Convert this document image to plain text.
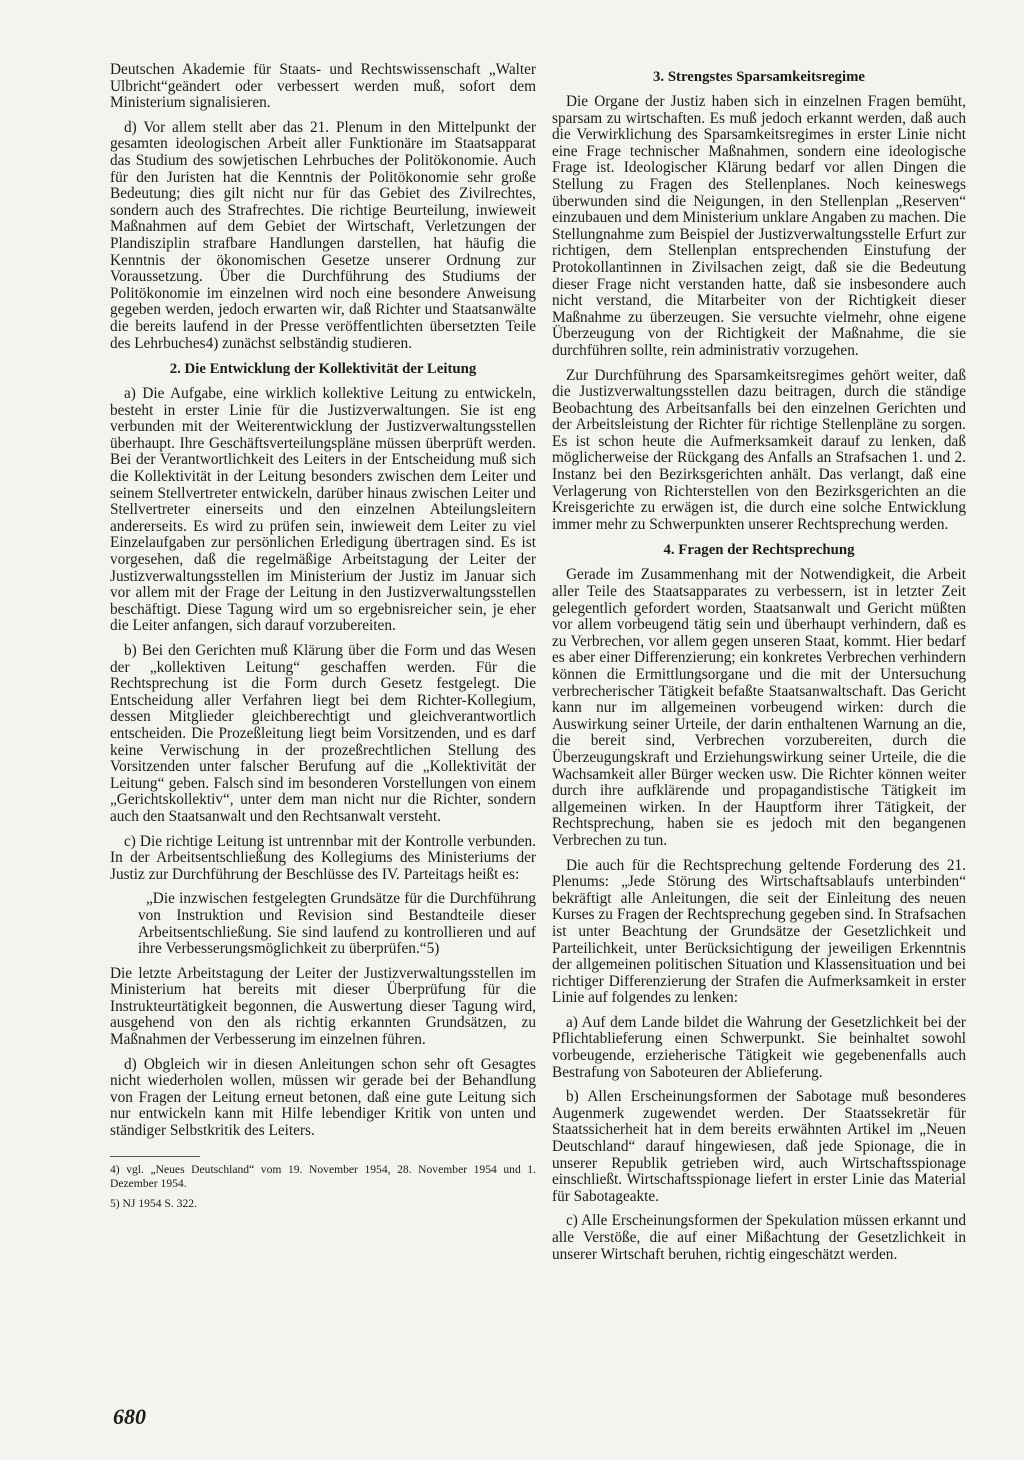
Deutschen Akademie für Staats- und Rechtswissenschaft „Walter Ulbricht“geändert oder verbessert werden muß, sofort dem Ministerium signalisieren.

d) Vor allem stellt aber das 21. Plenum in den Mittelpunkt der gesamten ideologischen Arbeit aller Funktionäre im Staatsapparat das Studium des sowjetischen Lehrbuches der Politökonomie. Auch für den Juristen hat die Kenntnis der Politökonomie sehr große Bedeutung; dies gilt nicht nur für das Gebiet des Zivilrechtes, sondern auch des Strafrechtes. Die richtige Beurteilung, inwieweit Maßnahmen auf dem Gebiet der Wirtschaft, Verletzungen der Plandisziplin strafbare Handlungen darstellen, hat häufig die Kenntnis der ökonomischen Gesetze unserer Ordnung zur Voraussetzung. Über die Durchführung des Studiums der Politökonomie im einzelnen wird noch eine besondere Anweisung gegeben werden, jedoch erwarten wir, daß Richter und Staatsanwälte die bereits laufend in der Presse veröffentlichten übersetzten Teile des Lehrbuches4) zunächst selbständig studieren.

2. Die Entwicklung der Kollektivität der Leitung

a) Die Aufgabe, eine wirklich kollektive Leitung zu entwickeln, besteht in erster Linie für die Justizverwaltungen. Sie ist eng verbunden mit der Weiterentwicklung der Justizverwaltungsstellen überhaupt. Ihre Geschäftsverteilungspläne müssen überprüft werden. Bei der Verantwortlichkeit des Leiters in der Entscheidung muß sich die Kollektivität in der Leitung besonders zwischen dem Leiter und seinem Stellvertreter entwickeln, darüber hinaus zwischen Leiter und Stellvertreter einerseits und den einzelnen Abteilungsleitern andererseits. Es wird zu prüfen sein, inwieweit dem Leiter zu viel Einzelaufgaben zur persönlichen Erledigung übertragen sind. Es ist vorgesehen, daß die regelmäßige Arbeitstagung der Leiter der Justizverwaltungsstellen im Ministerium der Justiz im Januar sich vor allem mit der Frage der Leitung in den Justizverwaltungsstellen beschäftigt. Diese Tagung wird um so ergebnisreicher sein, je eher die Leiter anfangen, sich darauf vorzubereiten.

b) Bei den Gerichten muß Klärung über die Form und das Wesen der „kollektiven Leitung“ geschaffen werden. Für die Rechtsprechung ist die Form durch Gesetz festgelegt. Die Entscheidung aller Verfahren liegt bei dem Richter-Kollegium, dessen Mitglieder gleichberechtigt und gleichverantwortlich entscheiden. Die Prozeßleitung liegt beim Vorsitzenden, und es darf keine Verwischung in der prozeßrechtlichen Stellung des Vorsitzenden unter falscher Berufung auf die „Kollektivität der Leitung“ geben. Falsch sind im besonderen Vorstellungen von einem „Gerichtskollektiv“, unter dem man nicht nur die Richter, sondern auch den Staatsanwalt und den Rechtsanwalt versteht.

c) Die richtige Leitung ist untrennbar mit der Kontrolle verbunden. In der Arbeitsentschließung des Kollegiums des Ministeriums der Justiz zur Durchführung der Beschlüsse des IV. Parteitags heißt es:

„Die inzwischen festgelegten Grundsätze für die Durchführung von Instruktion und Revision sind Bestandteile dieser Arbeitsentschließung. Sie sind laufend zu kontrollieren und auf ihre Verbesserungsmöglichkeit zu überprüfen.“5)

Die letzte Arbeitstagung der Leiter der Justizverwaltungsstellen im Ministerium hat bereits mit dieser Überprüfung für die Instrukteurtätigkeit begonnen, die Auswertung dieser Tagung wird, ausgehend von den als richtig erkannten Grundsätzen, zu Maßnahmen der Verbesserung im einzelnen führen.

d) Obgleich wir in diesen Anleitungen schon sehr oft Gesagtes nicht wiederholen wollen, müssen wir gerade bei der Behandlung von Fragen der Leitung erneut betonen, daß eine gute Leitung sich nur entwickeln kann mit Hilfe lebendiger Kritik von unten und ständiger Selbstkritik des Leiters.

4) vgl. „Neues Deutschland“ vom 19. November 1954, 28. November 1954 und 1. Dezember 1954.

5) NJ 1954 S. 322.

3. Strengstes Sparsamkeitsregime

Die Organe der Justiz haben sich in einzelnen Fragen bemüht, sparsam zu wirtschaften. Es muß jedoch erkannt werden, daß auch die Verwirklichung des Sparsamkeitsregimes in erster Linie nicht eine Frage technischer Maßnahmen, sondern eine ideologische Frage ist. Ideologischer Klärung bedarf vor allen Dingen die Stellung zu Fragen des Stellenplanes. Noch keineswegs überwunden sind die Neigungen, in den Stellenplan „Reserven“ einzubauen und dem Ministerium unklare Angaben zu machen. Die Stellungnahme zum Beispiel der Justizverwaltungsstelle Erfurt zur richtigen, dem Stellenplan entsprechenden Einstufung der Protokollantinnen in Zivilsachen zeigt, daß sie die Bedeutung dieser Frage nicht verstanden hatte, daß sie insbesondere auch nicht verstand, die Mitarbeiter von der Richtigkeit dieser Maßnahme zu überzeugen. Sie versuchte vielmehr, ohne eigene Überzeugung von der Richtigkeit der Maßnahme, die sie durchführen sollte, rein administrativ vorzugehen.

Zur Durchführung des Sparsamkeitsregimes gehört weiter, daß die Justizverwaltungsstellen dazu beitragen, durch die ständige Beobachtung des Arbeitsanfalls bei den einzelnen Gerichten und der Arbeitsleistung der Richter für richtige Stellenpläne zu sorgen. Es ist schon heute die Aufmerksamkeit darauf zu lenken, daß möglicherweise der Rückgang des Anfalls an Strafsachen 1. und 2. Instanz bei den Bezirksgerichten anhält. Das verlangt, daß eine Verlagerung von Richterstellen von den Bezirksgerichten an die Kreisgerichte zu erwägen ist, die durch eine solche Entwicklung immer mehr zu Schwerpunkten unserer Rechtsprechung werden.

4. Fragen der Rechtsprechung

Gerade im Zusammenhang mit der Notwendigkeit, die Arbeit aller Teile des Staatsapparates zu verbessern, ist in letzter Zeit gelegentlich gefordert worden, Staatsanwalt und Gericht müßten vor allem vorbeugend tätig sein und überhaupt verhindern, daß es zu Verbrechen, vor allem gegen unseren Staat, kommt. Hier bedarf es aber einer Differenzierung; ein konkretes Verbrechen verhindern können die Ermittlungsorgane und die mit der Untersuchung verbrecherischer Tätigkeit befaßte Staatsanwaltschaft. Das Gericht kann nur im allgemeinen vorbeugend wirken: durch die Auswirkung seiner Urteile, der darin enthaltenen Warnung an die, die bereit sind, Verbrechen vorzubereiten, durch die Überzeugungskraft und Erziehungswirkung seiner Urteile, die die Wachsamkeit aller Bürger wecken usw. Die Richter können weiter durch ihre aufklärende und propagandistische Tätigkeit im allgemeinen wirken. In der Hauptform ihrer Tätigkeit, der Rechtsprechung, haben sie es jedoch mit den begangenen Verbrechen zu tun.

Die auch für die Rechtsprechung geltende Forderung des 21. Plenums: „Jede Störung des Wirtschaftsablaufs unterbinden“ bekräftigt alle Anleitungen, die seit der Einleitung des neuen Kurses zu Fragen der Rechtsprechung gegeben sind. In Strafsachen ist unter Beachtung der Grundsätze der Gesetzlichkeit und Parteilichkeit, unter Berücksichtigung der jeweiligen Erkenntnis der allgemeinen politischen Situation und Klassensituation und bei richtiger Differenzierung der Strafen die Aufmerksamkeit in erster Linie auf folgendes zu lenken:

a) Auf dem Lande bildet die Wahrung der Gesetzlichkeit bei der Pflichtablieferung einen Schwerpunkt. Sie beinhaltet sowohl vorbeugende, erzieherische Tätigkeit wie gegebenenfalls auch Bestrafung von Saboteuren der Ablieferung.

b) Allen Erscheinungsformen der Sabotage muß besonderes Augenmerk zugewendet werden. Der Staatssekretär für Staatssicherheit hat in dem bereits erwähnten Artikel im „Neuen Deutschland“ darauf hingewiesen, daß jede Spionage, die in unserer Republik getrieben wird, auch Wirtschaftsspionage einschließt. Wirtschaftsspionage liefert in erster Linie das Material für Sabotageakte.

c) Alle Erscheinungsformen der Spekulation müssen erkannt und alle Verstöße, die auf einer Mißachtung der Gesetzlichkeit in unserer Wirtschaft beruhen, richtig eingeschätzt werden.

680
